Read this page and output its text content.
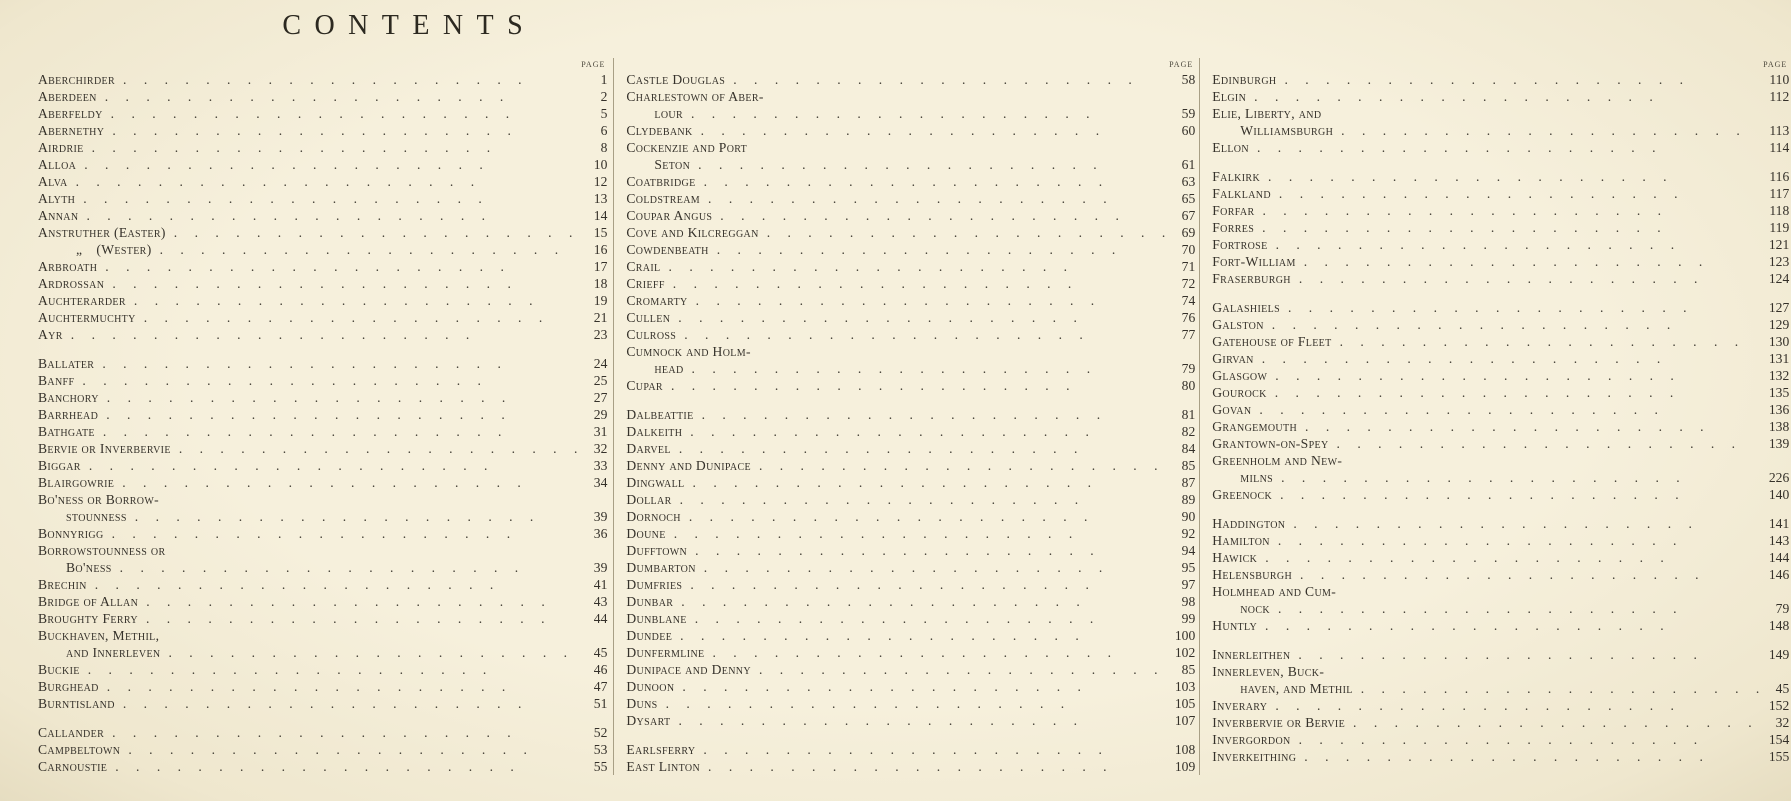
CONTENTS
PAGE
Aberchirder . . .	1
Aberdeen . . .	2
Aberfeldy . . .	5
Abernethy . . .	6
Airdrie . . .	8
Alloa . . .	10
Alva . . .	12
Alyth . . .	13
Annan . . .	14
Anstruther (Easter) . . .	15
„ (Wester) . . .	16
Arbroath . . .	17
Ardrossan . . .	18
Auchterarder . . .	19
Auchtermuchty . . .	21
Ayr . . .	23
Ballater . . .	24
Banff . . .	25
Banchory . . .	27
Barrhead . . .	29
Bathgate . . .	31
Bervie or Inverbervie . . .	32
Biggar . . .	33
Blairgowrie . . .	34
Bo'ness or Borrow-
stounness . . .	39
Bonnyrigg . . .	36
Borrowstounness or
Bo'ness . . .	39
Brechin . . .	41
Bridge of Allan . . .	43
Broughty Ferry . . .	44
Buckhaven, Methil,
and Innerleven . . .	45
Buckie . . .	46
Burghead . . .	47
Burntisland . . .	51
Callander . . .	52
Campbeltown . . .	53
Carnoustie . . .	55
PAGE
Castle Douglas . . .	58
Charlestown of Aber-
lour . . .	59
Clydebank . . .	60
Cockenzie and Port
Seton . . .	61
Coatbridge . . .	63
Coldstream . . .	65
Coupar Angus . . .	67
Cove and Kilcreggan . . .	69
Cowdenbeath . . .	70
Crail . . .	71
Crieff . . .	72
Cromarty . . .	74
Cullen . . .	76
Culross . . .	77
Cumnock and Holm-
head . . .	79
Cupar . . .	80
Dalbeattie . . .	81
Dalkeith . . .	82
Darvel . . .	84
Denny and Dunipace . . .	85
Dingwall . . .	87
Dollar . . .	89
Dornoch . . .	90
Doune . . .	92
Dufftown . . .	94
Dumbarton . . .	95
Dumfries . . .	97
Dunbar . . .	98
Dunblane . . .	99
Dundee . . .	100
Dunfermline . . .	102
Dunipace and Denny . . .	85
Dunoon . . .	103
Duns . . .	105
Dysart . . .	107
Earlsferry . . .	108
East Linton . . .	109
PAGE
Edinburgh . . .	110
Elgin . . .	112
Elie, Liberty, and
Williamsburgh . . .	113
Ellon . . .	114
Falkirk . . .	116
Falkland . . .	117
Forfar . . .	118
Forres . . .	119
Fortrose . . .	121
Fort-William . . .	123
Fraserburgh . . .	124
Galashiels . . .	127
Galston . . .	129
Gatehouse of Fleet . . .	130
Girvan . . .	131
Glasgow . . .	132
Gourock . . .	135
Govan . . .	136
Grangemouth . . .	138
Grantown-on-Spey . . .	139
Greenholm and New-
milns . . .	226
Greenock . . .	140
Haddington . . .	141
Hamilton . . .	143
Hawick . . .	144
Helensburgh . . .	146
Holmhead and Cum-
nock . . .	79
Huntly . . .	148
Innerleithen . . .	149
Innerleven, Buck-
haven, and Methil . . .	45
Inverary . . .	152
Inverbervie or Bervie . . .	32
Invergordon . . .	154
Inverkeithing . . .	155
